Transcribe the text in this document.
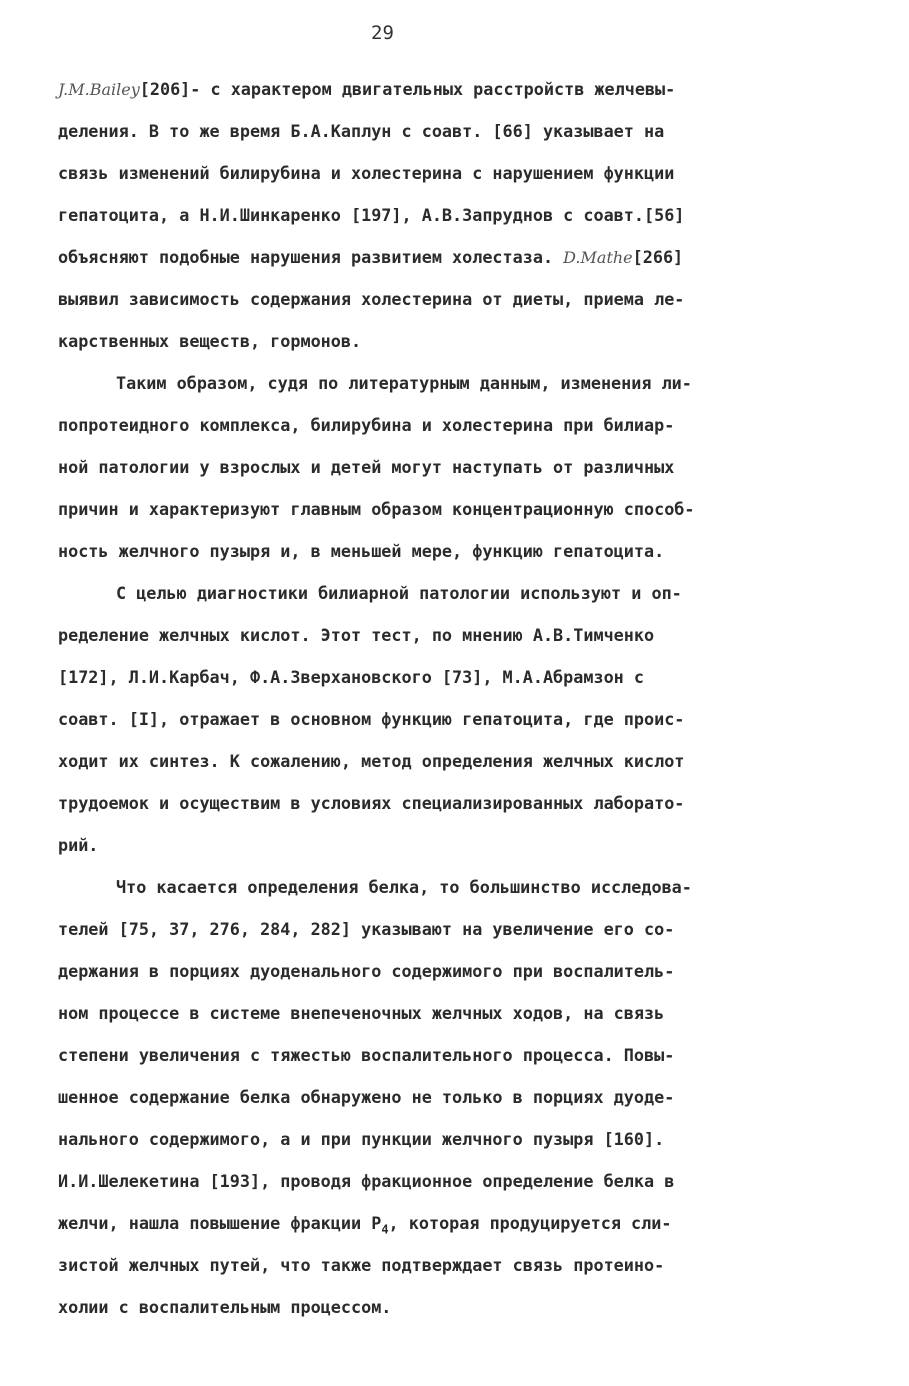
29
J.M.Bailey[206]- с характером двигательных расстройств желчевы-
деления. В то же время Б.А.Каплун с соавт. [66] указывает на
связь изменений билирубина и холестерина с нарушением функции
гепатоцита, а Н.И.Шинкаренко [197], А.В.Запруднов с соавт.[56]
объясняют подобные нарушения развитием холестаза. D.Mathe[266]
выявил зависимость содержания холестерина от диеты, приема ле-
карственных веществ, гормонов.
Таким образом, судя по литературным данным, изменения ли-
попротеидного комплекса, билирубина и холестерина при билиар-
ной патологии у взрослых и детей могут наступать от различных
причин и характеризуют главным образом концентрационную способ-
ность желчного пузыря и, в меньшей мере, функцию гепатоцита.
С целью диагностики билиарной патологии используют и оп-
ределение желчных кислот. Этот тест, по мнению А.В.Тимченко
[172], Л.И.Карбач, Ф.А.Зверхановского [73], М.А.Абрамзон с
соавт. [I], отражает в основном функцию гепатоцита, где проис-
ходит их синтез. К сожалению, метод определения желчных кислот
трудоемок и осуществим в условиях специализированных лаборато-
рий.
Что касается определения белка, то большинство исследова-
телей [75, 37, 276, 284, 282] указывают на увеличение его со-
держания в порциях дуоденального содержимого при воспалитель-
ном процессе в системе внепеченочных желчных ходов, на связь
степени увеличения с тяжестью воспалительного процесса. Повы-
шенное содержание белка обнаружено не только в порциях дуоде-
нального содержимого, а и при пункции желчного пузыря [160].
И.И.Шелекетина [193], проводя фракционное определение белка в
желчи, нашла повышение фракции $Р_4$, которая продуцируется сли-
зистой желчных путей, что также подтверждает связь протеино-
холии с воспалительным процессом.
